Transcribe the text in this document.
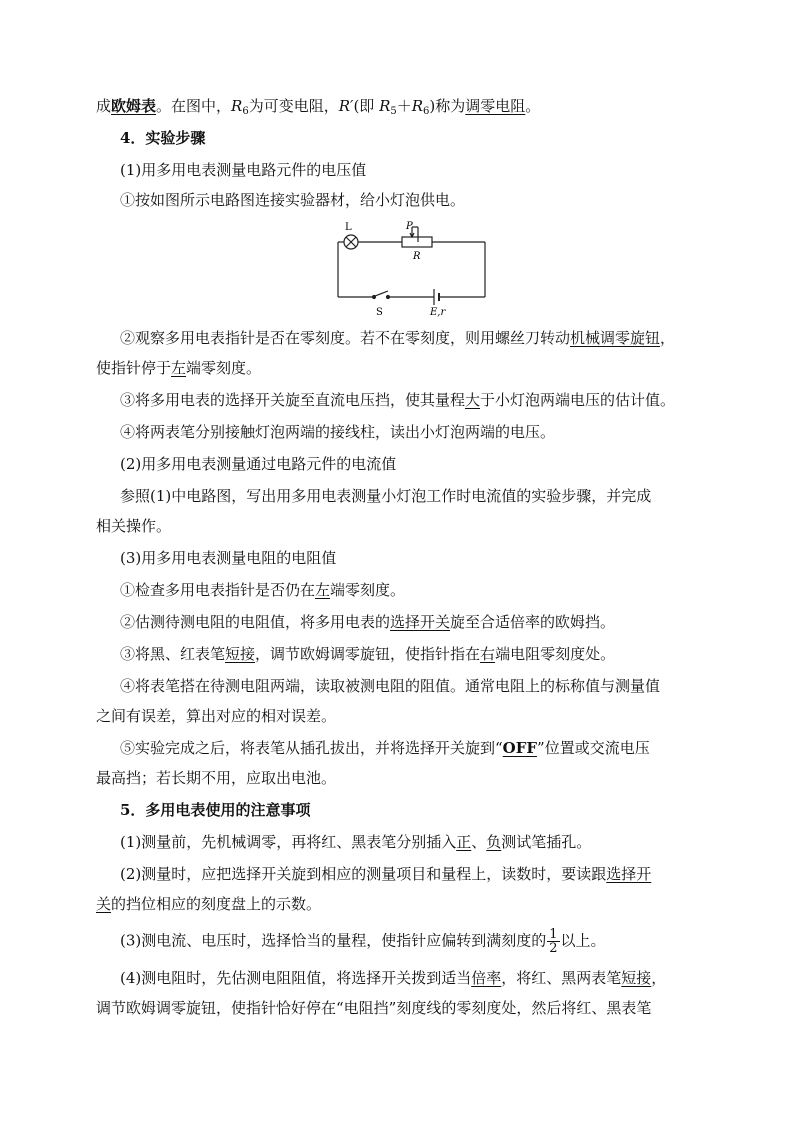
成欧姆表。在图中，$R_6$为可变电阻，R′(即 $R_5+R_6$)称为调零电阻。
4．实验步骤
(1)用多用电表测量电路元件的电压值
①按如图所示电路图连接实验器材，给小灯泡供电。
L	P
R
S	E,r
②观察多用电表指针是否在零刻度。若不在零刻度，则用螺丝刀转动机械调零旋钮，
使指针停于左端零刻度。
③将多用电表的选择开关旋至直流电压挡，使其量程大于小灯泡两端电压的估计值。
④将两表笔分别接触灯泡两端的接线柱，读出小灯泡两端的电压。
(2)用多用电表测量通过电路元件的电流值
参照(1)中电路图，写出用多用电表测量小灯泡工作时电流值的实验步骤，并完成
相关操作。
(3)用多用电表测量电阻的电阻值
①检查多用电表指针是否仍在左端零刻度。
②估测待测电阻的电阻值，将多用电表的选择开关旋至合适倍率的欧姆挡。
③将黑、红表笔短接，调节欧姆调零旋钮，使指针指在右端电阻零刻度处。
④将表笔搭在待测电阻两端，读取被测电阻的阻值。通常电阻上的标称值与测量值
之间有误差，算出对应的相对误差。
⑤实验完成之后，将表笔从插孔拔出，并将选择开关旋到“OFF”位置或交流电压
最高挡；若长期不用，应取出电池。
5．多用电表使用的注意事项
(1)测量前，先机械调零，再将红、黑表笔分别插入正、负测试笔插孔。
(2)测量时，应把选择开关旋到相应的测量项目和量程上，读数时，要读跟选择开
关的挡位相应的刻度盘上的示数。
(3)测电流、电压时，选择恰当的量程，使指针应偏转到满刻度的 $\frac{1}{2}$ 以上。
(4)测电阻时，先估测电阻阻值，将选择开关拨到适当倍率，将红、黑两表笔短接，
调节欧姆调零旋钮，使指针恰好停在“电阻挡”刻度线的零刻度处，然后将红、黑表笔
